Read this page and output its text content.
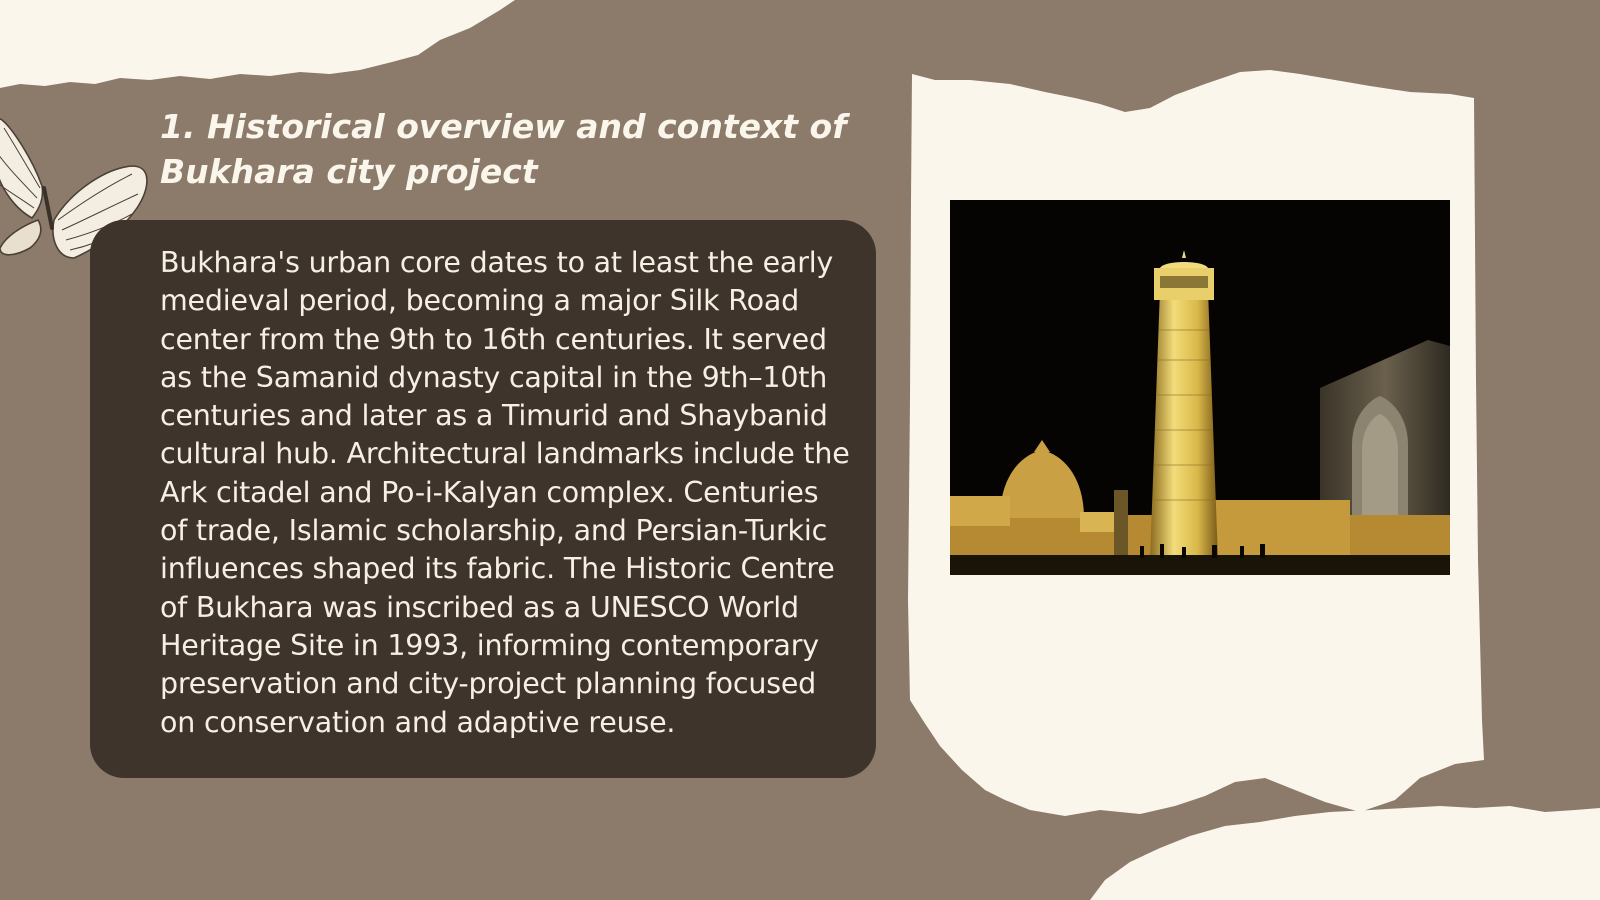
1. Historical overview and context of Bukhara city project

Bukhara's urban core dates to at least the early medieval period, becoming a major Silk Road center from the 9th to 16th centuries. It served as the Samanid dynasty capital in the 9th–10th centuries and later as a Timurid and Shaybanid cultural hub. Architectural landmarks include the Ark citadel and Po-i-Kalyan complex. Centuries of trade, Islamic scholarship, and Persian-Turkic influences shaped its fabric. The Historic Centre of Bukhara was inscribed as a UNESCO World Heritage Site in 1993, informing contemporary preservation and city-project planning focused on conservation and adaptive reuse.
